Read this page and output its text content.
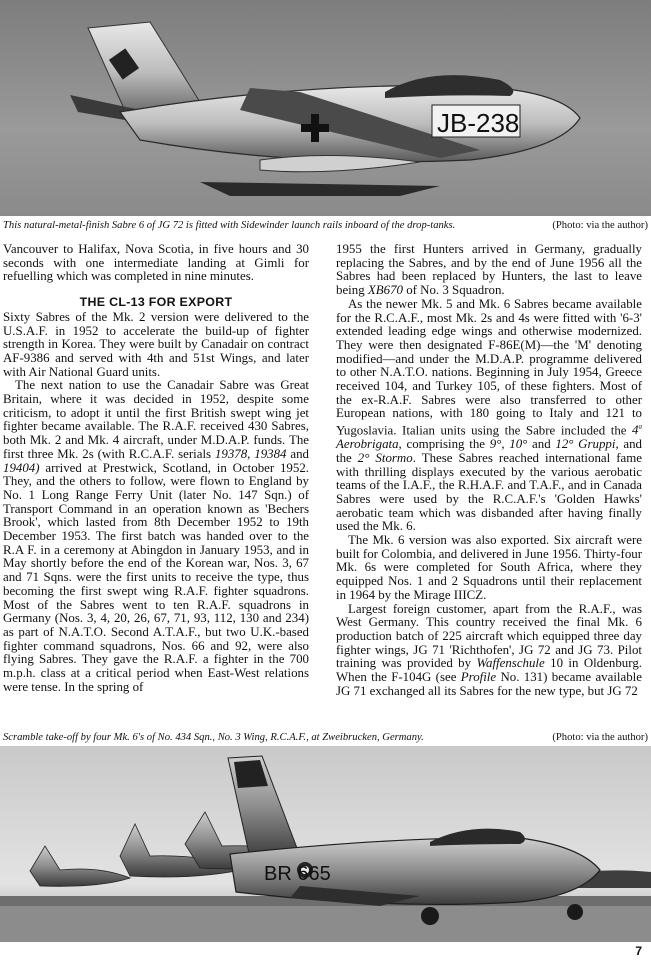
JB-238
This natural-metal-finish Sabre 6 of JG 72 is fitted with Sidewinder launch rails inboard of the drop-tanks.	(Photo: via the author)

Vancouver to Halifax, Nova Scotia, in five hours and 30 seconds with one intermediate landing at Gimli for refuelling which was completed in nine minutes.

THE CL-13 FOR EXPORT

Sixty Sabres of the Mk. 2 version were delivered to the U.S.A.F. in 1952 to accelerate the build-up of fighter strength in Korea. They were built by Canadair on contract AF-9386 and served with 4th and 51st Wings, and later with Air National Guard units.

The next nation to use the Canadair Sabre was Great Britain, where it was decided in 1952, despite some criticism, to adopt it until the first British swept wing jet fighter became available. The R.A.F. received 430 Sabres, both Mk. 2 and Mk. 4 aircraft, under M.D.A.P. funds. The first three Mk. 2s (with R.C.A.F. serials 19378, 19384 and 19404) arrived at Prestwick, Scotland, in October 1952. They, and the others to follow, were flown to England by No. 1 Long Range Ferry Unit (later No. 147 Sqn.) of Transport Command in an operation known as 'Bechers Brook', which lasted from 8th December 1952 to 19th December 1953. The first batch was handed over to the R.A F. in a ceremony at Abingdon in January 1953, and in May shortly before the end of the Korean war, Nos. 3, 67 and 71 Sqns. were the first units to receive the type, thus becoming the first swept wing R.A.F. fighter squadrons. Most of the Sabres went to ten R.A.F. squadrons in Germany (Nos. 3, 4, 20, 26, 67, 71, 93, 112, 130 and 234) as part of N.A.T.O. Second A.T.A.F., but two U.K.-based fighter command squadrons, Nos. 66 and 92, were also flying Sabres. They gave the R.A.F. a fighter in the 700 m.p.h. class at a critical period when East-West relations were tense. In the spring of

1955 the first Hunters arrived in Germany, gradually replacing the Sabres, and by the end of June 1956 all the Sabres had been replaced by Hunters, the last to leave being XB670 of No. 3 Squadron.

As the newer Mk. 5 and Mk. 6 Sabres became available for the R.C.A.F., most Mk. 2s and 4s were fitted with '6-3' extended leading edge wings and otherwise modernized. They were then designated F-86E(M)—the 'M' denoting modified—and under the M.D.A.P. programme delivered to other N.A.T.O. nations. Beginning in July 1954, Greece received 104, and Turkey 105, of these fighters. Most of the ex-R.A.F. Sabres were also transferred to other European nations, with 180 going to Italy and 121 to Yugoslavia. Italian units using the Sabre included the 4$^a$ Aerobrigata, comprising the 9°, 10° and 12° Gruppi, and the 2° Stormo. These Sabres reached international fame with thrilling displays executed by the various aerobatic teams of the I.A.F., the R.H.A.F. and T.A.F., and in Canada Sabres were used by the R.C.A.F.'s 'Golden Hawks' aerobatic team which was disbanded after having finally used the Mk. 6.

The Mk. 6 version was also exported. Six aircraft were built for Colombia, and delivered in June 1956. Thirty-four Mk. 6s were completed for South Africa, where they equipped Nos. 1 and 2 Squadrons until their replacement in 1964 by the Mirage IIICZ.

Largest foreign customer, apart from the R.A.F., was West Germany. This country received the final Mk. 6 production batch of 225 aircraft which equipped three day fighter wings, JG 71 'Richthofen', JG 72 and JG 73. Pilot training was provided by Waffenschule 10 in Oldenburg. When the F-104G (see Profile No. 131) became available JG 71 exchanged all its Sabres for the new type, but JG 72

Scramble take-off by four Mk. 6's of No. 434 Sqn., No. 3 Wing, R.C.A.F., at Zweibrucken, Germany.	(Photo: via the author)
BR 665
7
